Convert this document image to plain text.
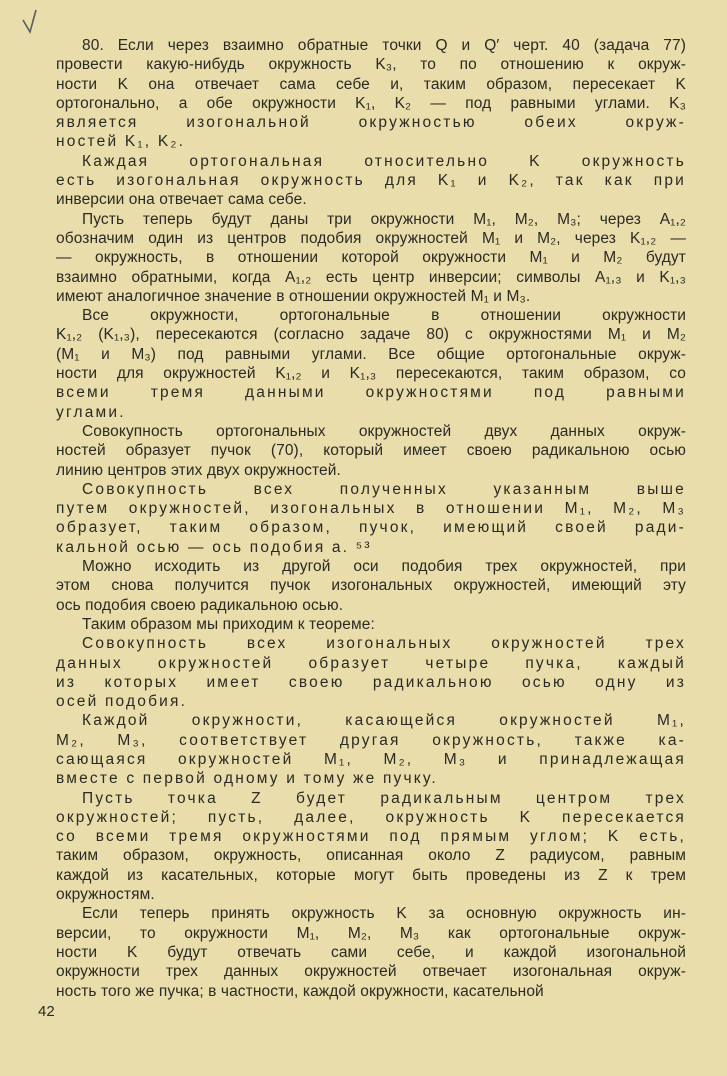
80. Если через взаимно обратные точки Q и Q′ черт. 40 (задача 77)
провести какую-нибудь окружность K₃, то по отношению к окруж-
ности K она отвечает сама себе и, таким образом, пересекает K
ортогонально, а обе окружности K₁, K₂ — под равными углами. K₃
является изогональной окружностью обеих окруж-
ностей K₁, K₂.
Каждая ортогональная относительно K окружность
есть изогональная окружность для K₁ и K₂, так как при
инверсии она отвечает сама себе.
Пусть теперь будут даны три окружности M₁, M₂, M₃; через A₁,₂
обозначим один из центров подобия окружностей M₁ и M₂, через K₁,₂ —
— окружность, в отношении которой окружности M₁ и M₂ будут
взаимно обратными, когда A₁,₂ есть центр инверсии; символы A₁,₃ и K₁,₃
имеют аналогичное значение в отношении окружностей M₁ и M₃.
Все окружности, ортогональные в отношении окружности
K₁,₂ (K₁,₃), пересекаются (согласно задаче 80) с окружностями M₁ и M₂
(M₁ и M₃) под равными углами. Все общие ортогональные окруж-
ности для окружностей K₁,₂ и K₁,₃ пересекаются, таким образом, со
всеми тремя данными окружностями под равными
углами.
Совокупность ортогональных окружностей двух данных окруж-
ностей образует пучок (70), который имеет своею радикальною осью
линию центров этих двух окружностей.
Совокупность всех полученных указанным выше
путем окружностей, изогональных в отношении M₁, M₂, M₃
образует, таким образом, пучок, имеющий своей ради-
кальной осью — ось подобия a. ⁵³
Можно исходить из другой оси подобия трех окружностей, при
этом снова получится пучок изогональных окружностей, имеющий эту
ось подобия своею радикальною осью.
Таким образом мы приходим к теореме:
Совокупность всех изогональных окружностей трех
данных окружностей образует четыре пучка, каждый
из которых имеет своею радикальною осью одну из
осей подобия.
Каждой окружности, касающейся окружностей M₁,
M₂, M₃, соответствует другая окружность, также ка-
сающаяся окружностей M₁, M₂, M₃ и принадлежащая
вместе с первой одному и тому же пучку.
Пусть точка Z будет радикальным центром трех
окружностей; пусть, далее, окружность K пересекается
со всеми тремя окружностями под прямым углом; K есть,
таким образом, окружность, описанная около Z радиусом, равным
каждой из касательных, которые могут быть проведены из Z к трем
окружностям.
Если теперь принять окружность K за основную окружность ин-
версии, то окружности M₁, M₂, M₃ как ортогональные окруж-
ности K будут отвечать сами себе, и каждой изогональной
окружности трех данных окружностей отвечает изогональная окруж-
ность того же пучка; в частности, каждой окружности, касательной
42
